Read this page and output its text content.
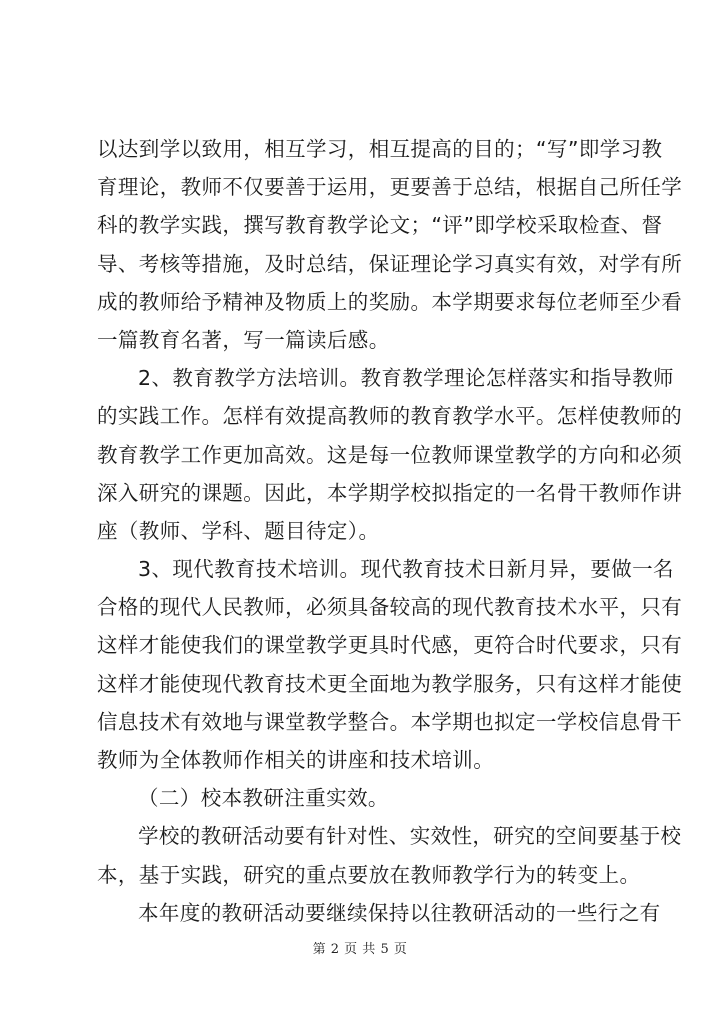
以达到学以致用，相互学习，相互提高的目的；“写”即学习教
育理论，教师不仅要善于运用，更要善于总结，根据自己所任学
科的教学实践，撰写教育教学论文；“评”即学校采取检查、督
导、考核等措施，及时总结，保证理论学习真实有效，对学有所
成的教师给予精神及物质上的奖励。本学期要求每位老师至少看
一篇教育名著，写一篇读后感。
2、教育教学方法培训。教育教学理论怎样落实和指导教师
的实践工作。怎样有效提高教师的教育教学水平。怎样使教师的
教育教学工作更加高效。这是每一位教师课堂教学的方向和必须
深入研究的课题。因此，本学期学校拟指定的一名骨干教师作讲
座（教师、学科、题目待定）。
3、现代教育技术培训。现代教育技术日新月异，要做一名
合格的现代人民教师，必须具备较高的现代教育技术水平，只有
这样才能使我们的课堂教学更具时代感，更符合时代要求，只有
这样才能使现代教育技术更全面地为教学服务，只有这样才能使
信息技术有效地与课堂教学整合。本学期也拟定一学校信息骨干
教师为全体教师作相关的讲座和技术培训。
（二）校本教研注重实效。
学校的教研活动要有针对性、实效性，研究的空间要基于校
本，基于实践，研究的重点要放在教师教学行为的转变上。
本年度的教研活动要继续保持以往教研活动的一些行之有
第 2 页 共 5 页
